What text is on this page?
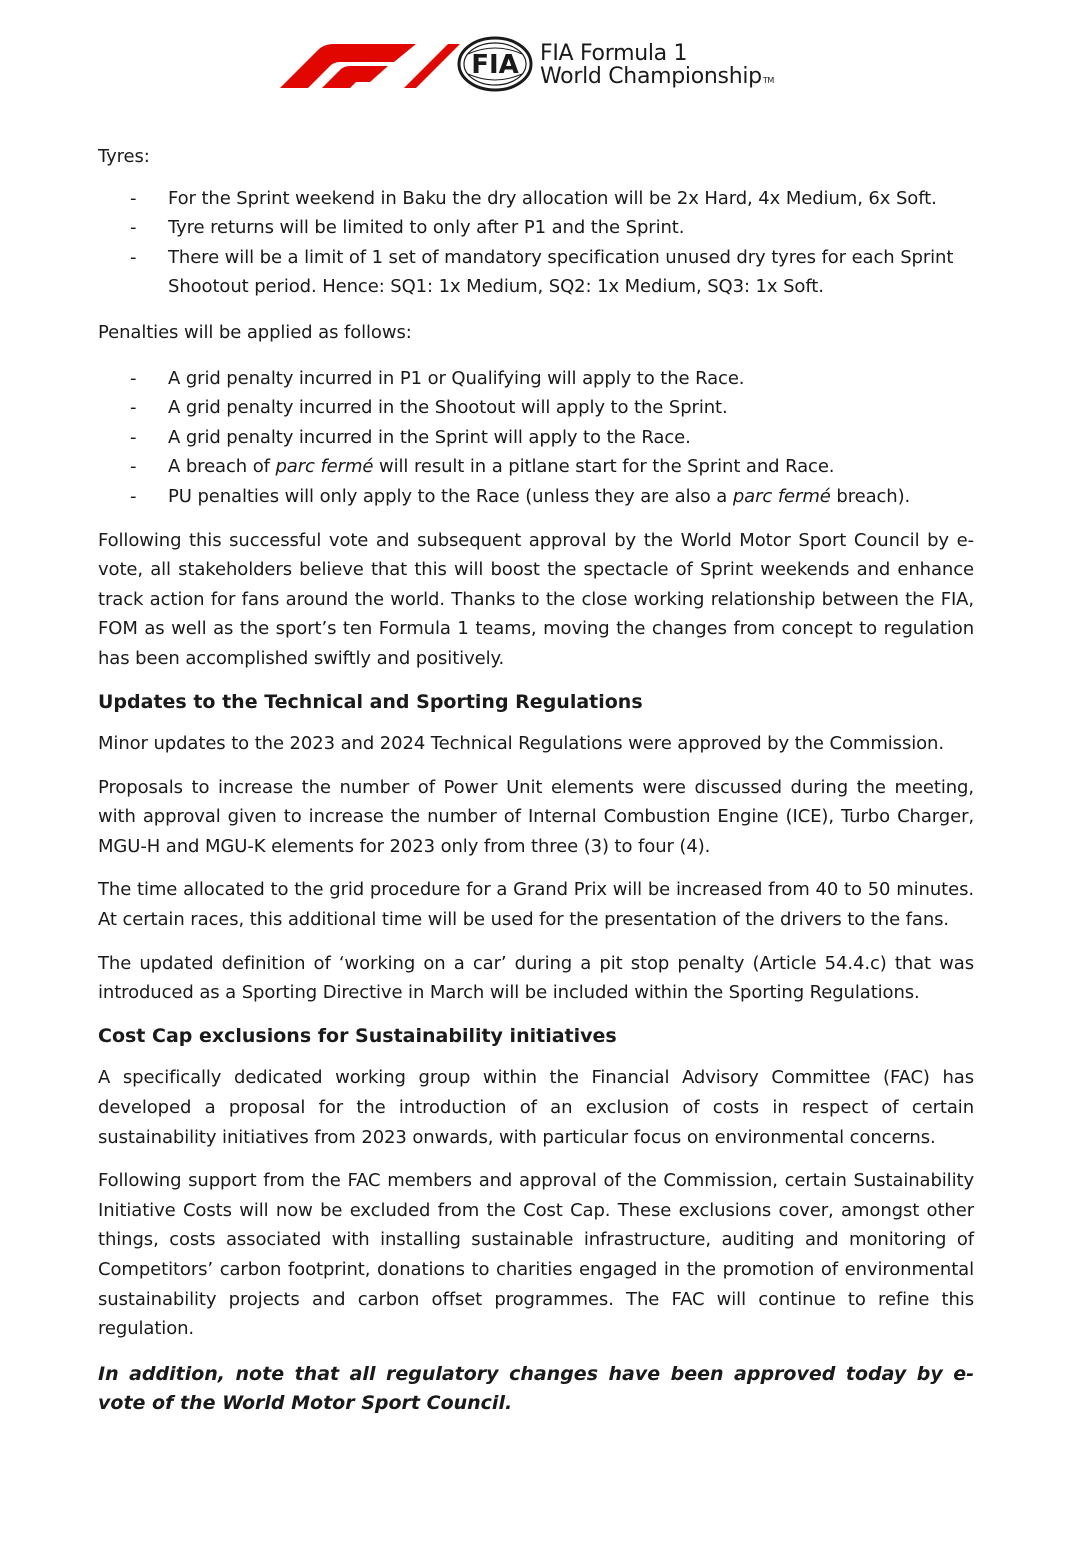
FIA FIA Formula 1
World ChampionshipTM

Tyres:

- For the Sprint weekend in Baku the dry allocation will be 2x Hard, 4x Medium, 6x Soft.
- Tyre returns will be limited to only after P1 and the Sprint.
- There will be a limit of 1 set of mandatory specification unused dry tyres for each Sprint Shootout period. Hence: SQ1: 1x Medium, SQ2: 1x Medium, SQ3: 1x Soft.

Penalties will be applied as follows:

- A grid penalty incurred in P1 or Qualifying will apply to the Race.
- A grid penalty incurred in the Shootout will apply to the Sprint.
- A grid penalty incurred in the Sprint will apply to the Race.
- A breach of parc fermé will result in a pitlane start for the Sprint and Race.
- PU penalties will only apply to the Race (unless they are also a parc fermé breach).

Following this successful vote and subsequent approval by the World Motor Sport Council by e-vote, all stakeholders believe that this will boost the spectacle of Sprint weekends and enhance track action for fans around the world. Thanks to the close working relationship between the FIA, FOM as well as the sport’s ten Formula 1 teams, moving the changes from concept to regulation has been accomplished swiftly and positively.

Updates to the Technical and Sporting Regulations

Minor updates to the 2023 and 2024 Technical Regulations were approved by the Commission.

Proposals to increase the number of Power Unit elements were discussed during the meeting, with approval given to increase the number of Internal Combustion Engine (ICE), Turbo Charger, MGU-H and MGU-K elements for 2023 only from three (3) to four (4).

The time allocated to the grid procedure for a Grand Prix will be increased from 40 to 50 minutes. At certain races, this additional time will be used for the presentation of the drivers to the fans.

The updated definition of ‘working on a car’ during a pit stop penalty (Article 54.4.c) that was introduced as a Sporting Directive in March will be included within the Sporting Regulations.

Cost Cap exclusions for Sustainability initiatives

A specifically dedicated working group within the Financial Advisory Committee (FAC) has developed a proposal for the introduction of an exclusion of costs in respect of certain sustainability initiatives from 2023 onwards, with particular focus on environmental concerns.

Following support from the FAC members and approval of the Commission, certain Sustainability Initiative Costs will now be excluded from the Cost Cap. These exclusions cover, amongst other things, costs associated with installing sustainable infrastructure, auditing and monitoring of Competitors’ carbon footprint, donations to charities engaged in the promotion of environmental sustainability projects and carbon offset programmes. The FAC will continue to refine this regulation.

In addition, note that all regulatory changes have been approved today by e-vote of the World Motor Sport Council.
